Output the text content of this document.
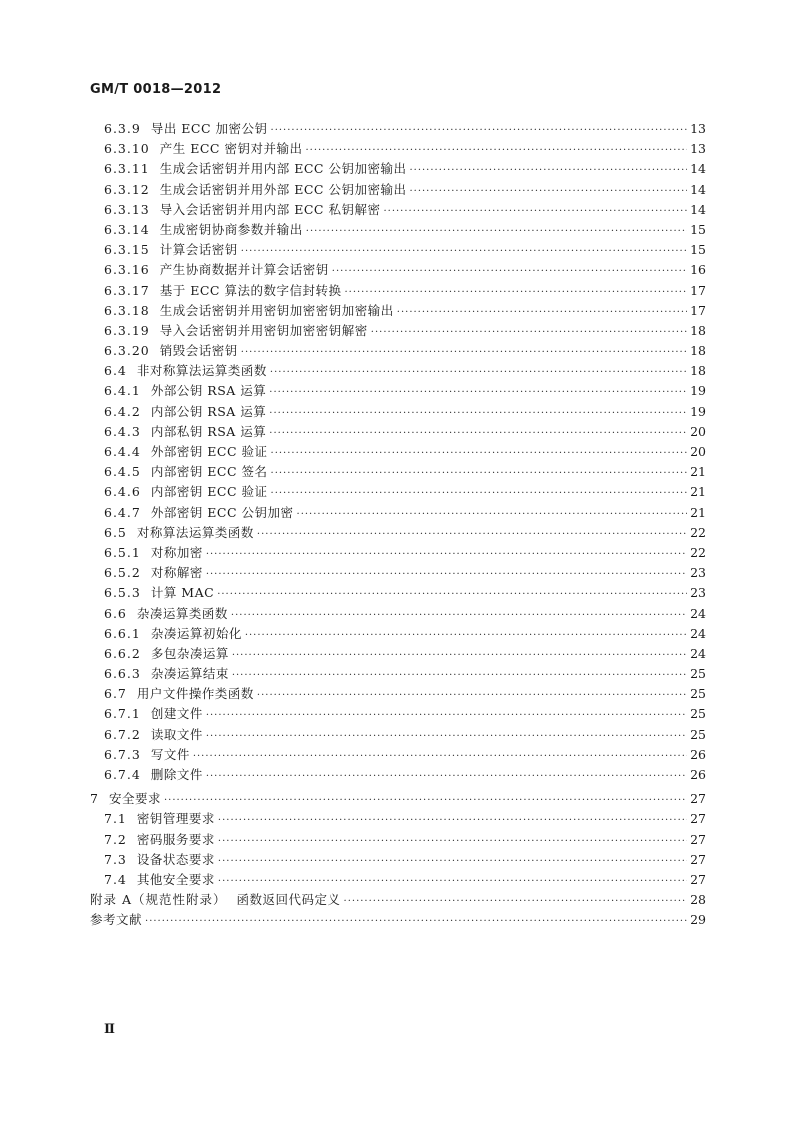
GM/T 0018—2012
6.3.9 导出 ECC 加密公钥 ·····	13
6.3.10 产生 ECC 密钥对并输出 ·····	13
6.3.11 生成会话密钥并用内部 ECC 公钥加密输出 ·····	14
6.3.12 生成会话密钥并用外部 ECC 公钥加密输出 ·····	14
6.3.13 导入会话密钥并用内部 ECC 私钥解密 ·····	14
6.3.14 生成密钥协商参数并输出 ·····	15
6.3.15 计算会话密钥 ·····	15
6.3.16 产生协商数据并计算会话密钥 ·····	16
6.3.17 基于 ECC 算法的数字信封转换 ·····	17
6.3.18 生成会话密钥并用密钥加密密钥加密输出 ·····	17
6.3.19 导入会话密钥并用密钥加密密钥解密 ·····	18
6.3.20 销毁会话密钥 ·····	18
6.4 非对称算法运算类函数 ·····	18
6.4.1 外部公钥 RSA 运算 ·····	19
6.4.2 内部公钥 RSA 运算 ·····	19
6.4.3 内部私钥 RSA 运算 ·····	20
6.4.4 外部密钥 ECC 验证 ·····	20
6.4.5 内部密钥 ECC 签名 ·····	21
6.4.6 内部密钥 ECC 验证 ·····	21
6.4.7 外部密钥 ECC 公钥加密 ·····	21
6.5 对称算法运算类函数 ·····	22
6.5.1 对称加密 ·····	22
6.5.2 对称解密 ·····	23
6.5.3 计算 MAC ·····	23
6.6 杂凑运算类函数 ·····	24
6.6.1 杂凑运算初始化 ·····	24
6.6.2 多包杂凑运算 ·····	24
6.6.3 杂凑运算结束 ·····	25
6.7 用户文件操作类函数 ·····	25
6.7.1 创建文件 ·····	25
6.7.2 读取文件 ·····	25
6.7.3 写文件 ·····	26
6.7.4 删除文件 ·····	26
7 安全要求 ·····	27
7.1 密钥管理要求 ·····	27
7.2 密码服务要求 ·····	27
7.3 设备状态要求 ·····	27
7.4 其他安全要求 ·····	27
附录 A（规范性附录） 函数返回代码定义 ·····	28
参考文献 ·····	29
Ⅱ
